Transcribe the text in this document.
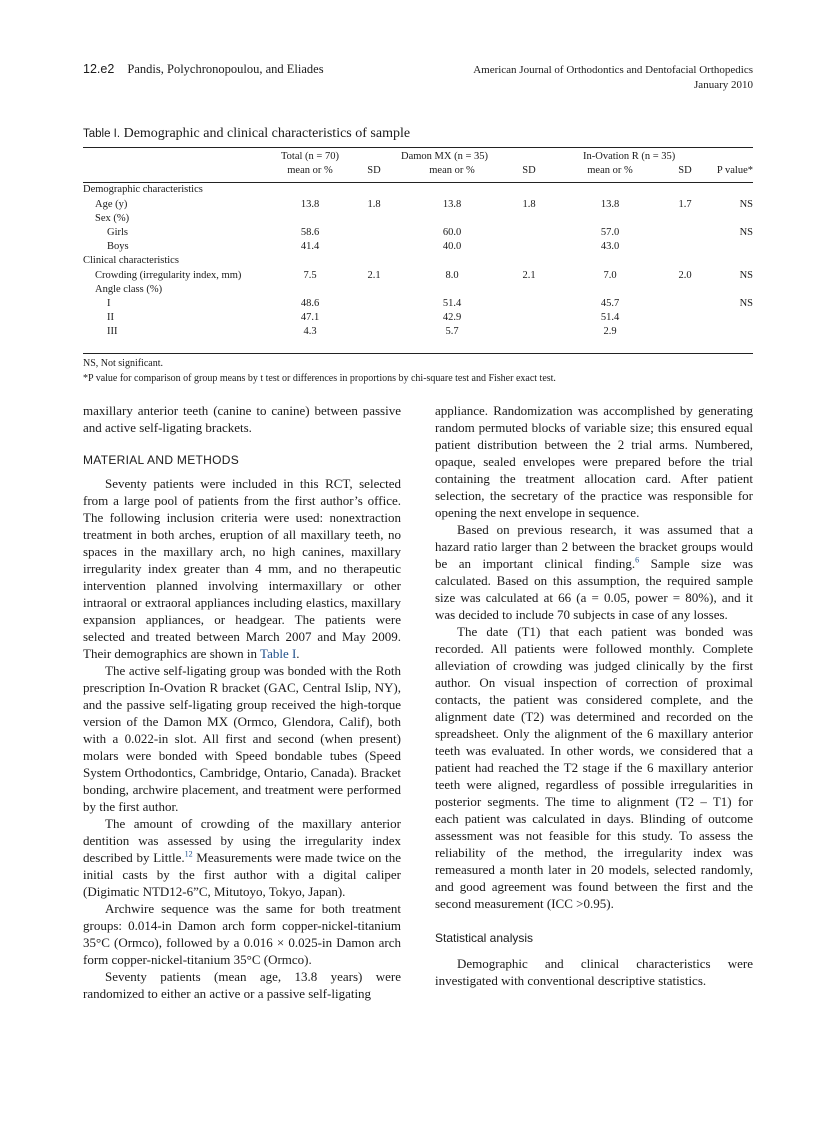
12.e2 Pandis, Polychronopoulou, and Eliades	American Journal of Orthodontics and Dentofacial Orthopedics
January 2010
Table I. Demographic and clinical characteristics of sample
	Total (n = 70)		Damon MX (n = 35)		In-Ovation R (n = 35)		
	mean or %	SD	mean or %	SD	mean or %	SD	P value*

Demographic characteristics							
Age (y)	13.8	1.8	13.8	1.8	13.8	1.7	NS
Sex (%)							
Girls	58.6		60.0		57.0		NS
Boys	41.4		40.0		43.0		
Clinical characteristics							
Crowding (irregularity index, mm)	7.5	2.1	8.0	2.1	7.0	2.0	NS
Angle class (%)							
I	48.6		51.4		45.7		NS
II	47.1		42.9		51.4		
III	4.3		5.7		2.9		
NS, Not significant.
*P value for comparison of group means by t test or differences in proportions by chi-square test and Fisher exact test.

maxillary anterior teeth (canine to canine) between passive and active self-ligating brackets.

MATERIAL AND METHODS

Seventy patients were included in this RCT, selected from a large pool of patients from the first author’s office. The following inclusion criteria were used: nonextraction treatment in both arches, eruption of all maxillary teeth, no spaces in the maxillary arch, no high canines, maxillary irregularity index greater than 4 mm, and no therapeutic intervention planned involving intermaxillary or other intraoral or extraoral appliances including elastics, maxillary expansion appliances, or headgear. The patients were selected and treated between March 2007 and May 2009. Their demographics are shown in Table I.

The active self-ligating group was bonded with the Roth prescription In-Ovation R bracket (GAC, Central Islip, NY), and the passive self-ligating group received the high-torque version of the Damon MX (Ormco, Glendora, Calif), both with a 0.022-in slot. All first and second (when present) molars were bonded with Speed bondable tubes (Speed System Orthodontics, Cambridge, Ontario, Canada). Bracket bonding, archwire placement, and treatment were performed by the first author.

The amount of crowding of the maxillary anterior dentition was assessed by using the irregularity index described by Little.$^{12}$ Measurements were made twice on the initial casts by the first author with a digital caliper (Digimatic NTD12-6”C, Mitutoyo, Tokyo, Japan).

Archwire sequence was the same for both treatment groups: 0.014-in Damon arch form copper-nickel-titanium 35°C (Ormco), followed by a 0.016 × 0.025-in Damon arch form copper-nickel-titanium 35°C (Ormco).

Seventy patients (mean age, 13.8 years) were randomized to either an active or a passive self-ligating

appliance. Randomization was accomplished by generating random permuted blocks of variable size; this ensured equal patient distribution between the 2 trial arms. Numbered, opaque, sealed envelopes were prepared before the trial containing the treatment allocation card. After patient selection, the secretary of the practice was responsible for opening the next envelope in sequence.

Based on previous research, it was assumed that a hazard ratio larger than 2 between the bracket groups would be an important clinical finding.$^6$ Sample size was calculated. Based on this assumption, the required sample size was calculated at 66 (a = 0.05, power = 80%), and it was decided to include 70 subjects in case of any losses.

The date (T1) that each patient was bonded was recorded. All patients were followed monthly. Complete alleviation of crowding was judged clinically by the first author. On visual inspection of correction of proximal contacts, the patient was considered complete, and the alignment date (T2) was determined and recorded on the spreadsheet. Only the alignment of the 6 maxillary anterior teeth was evaluated. In other words, we considered that a patient had reached the T2 stage if the 6 maxillary anterior teeth were aligned, regardless of possible irregularities in posterior segments. The time to alignment (T2 – T1) for each patient was calculated in days. Blinding of outcome assessment was not feasible for this study. To assess the reliability of the method, the irregularity index was remeasured a month later in 20 models, selected randomly, and good agreement was found between the first and the second measurement (ICC >0.95).

Statistical analysis

Demographic and clinical characteristics were investigated with conventional descriptive statistics.
